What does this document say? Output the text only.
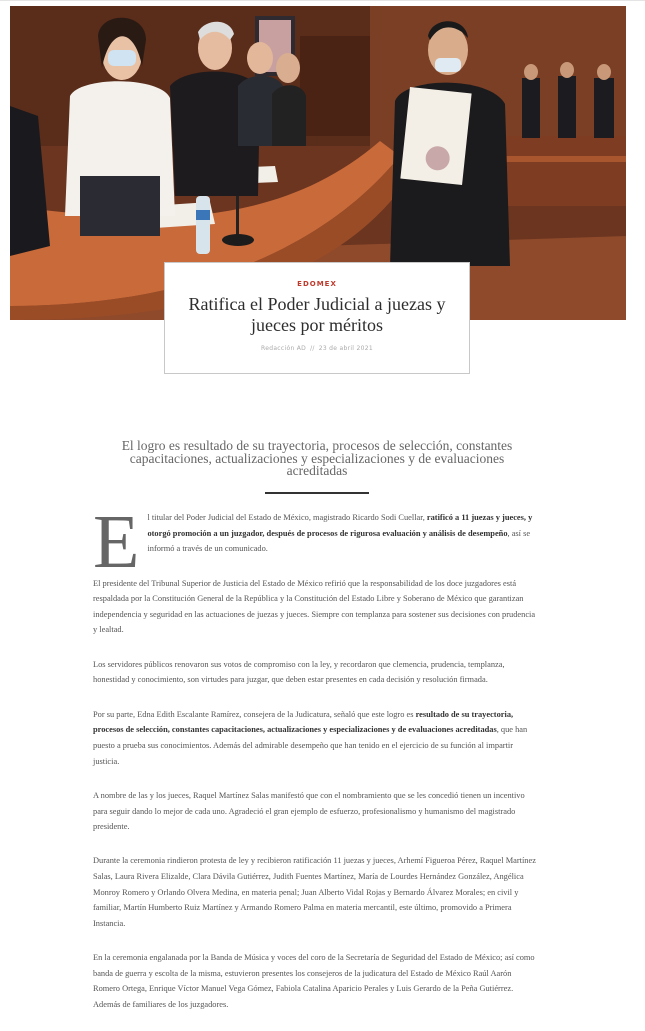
EDOMEX
Ratifica el Poder Judicial a juezas y jueces por méritos
Redacción AD // 23 de abril 2021
El logro es resultado de su trayectoria, procesos de selección, constantes capacitaciones, actualizaciones y especializaciones y de evaluaciones acreditadas

El titular del Poder Judicial del Estado de México, magistrado Ricardo Sodi Cuellar, ratificó a 11 juezas y jueces, y otorgó promoción a un juzgador, después de procesos de rigurosa evaluación y análisis de desempeño, así se informó a través de un comunicado.

El presidente del Tribunal Superior de Justicia del Estado de México refirió que la responsabilidad de los doce juzgadores está respaldada por la Constitución General de la República y la Constitución del Estado Libre y Soberano de México que garantizan independencia y seguridad en las actuaciones de juezas y jueces. Siempre con templanza para sostener sus decisiones con prudencia y lealtad.

Los servidores públicos renovaron sus votos de compromiso con la ley, y recordaron que clemencia, prudencia, templanza, honestidad y conocimiento, son virtudes para juzgar, que deben estar presentes en cada decisión y resolución firmada.

Por su parte, Edna Edith Escalante Ramírez, consejera de la Judicatura, señaló que este logro es resultado de su trayectoria, procesos de selección, constantes capacitaciones, actualizaciones y especializaciones y de evaluaciones acreditadas, que han puesto a prueba sus conocimientos. Además del admirable desempeño que han tenido en el ejercicio de su función al impartir justicia.

A nombre de las y los jueces, Raquel Martínez Salas manifestó que con el nombramiento que se les concedió tienen un incentivo para seguir dando lo mejor de cada uno. Agradeció el gran ejemplo de esfuerzo, profesionalismo y humanismo del magistrado presidente.

Durante la ceremonia rindieron protesta de ley y recibieron ratificación 11 juezas y jueces, Arhemí Figueroa Pérez, Raquel Martínez Salas, Laura Rivera Elizalde, Clara Dávila Gutiérrez, Judith Fuentes Martínez, María de Lourdes Hernández González, Angélica Monroy Romero y Orlando Olvera Medina, en materia penal; Juan Alberto Vidal Rojas y Bernardo Álvarez Morales; en civil y familiar, Martín Humberto Ruiz Martínez y Armando Romero Palma en materia mercantil, este último, promovido a Primera Instancia.

En la ceremonia engalanada por la Banda de Música y voces del coro de la Secretaría de Seguridad del Estado de México; así como banda de guerra y escolta de la misma, estuvieron presentes los consejeros de la judicatura del Estado de México Raúl Aarón Romero Ortega, Enrique Víctor Manuel Vega Gómez, Fabiola Catalina Aparicio Perales y Luis Gerardo de la Peña Gutiérrez. Además de familiares de los juzgadores.
